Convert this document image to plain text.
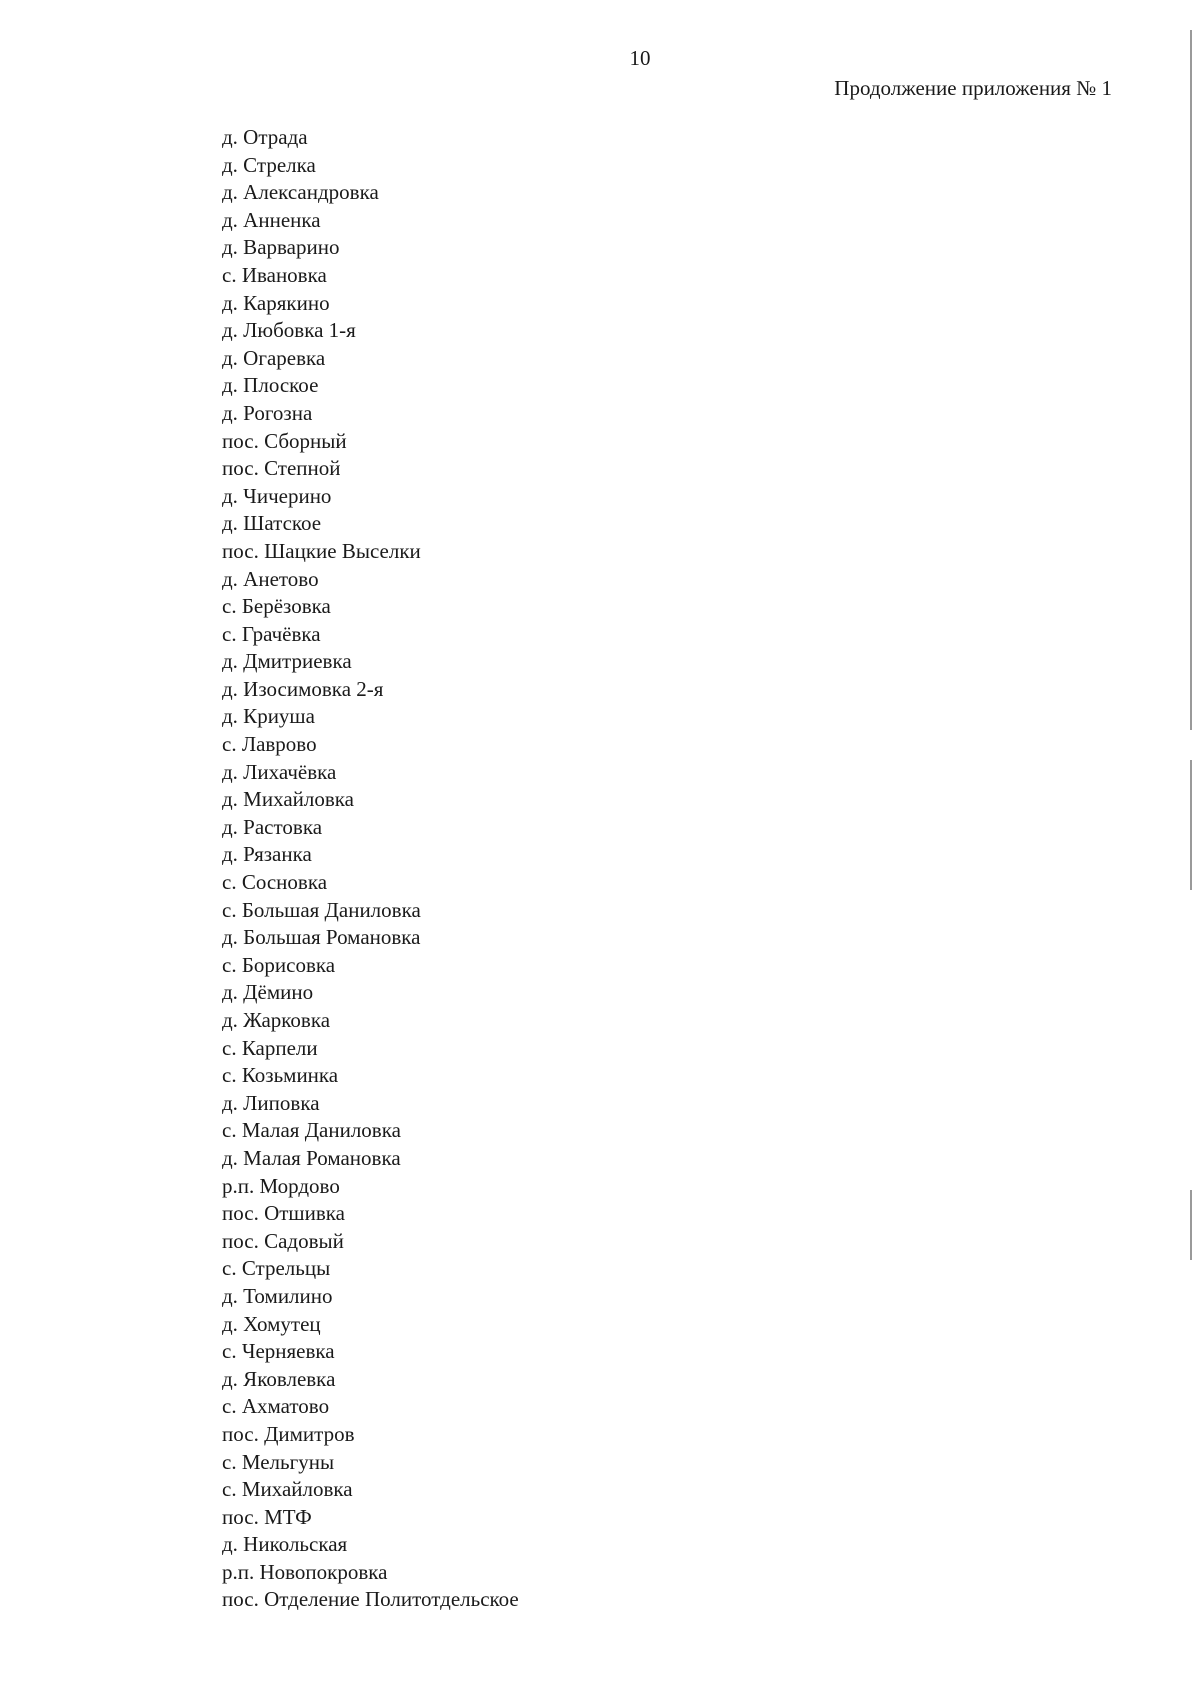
10
Продолжение приложения № 1
д. Отрада
д. Стрелка
д. Александровка
д. Анненка
д. Варварино
с. Ивановка
д. Карякино
д. Любовка 1-я
д. Огаревка
д. Плоское
д. Рогозна
пос. Сборный
пос. Степной
д. Чичерино
д. Шатское
пос. Шацкие Выселки
д. Анетово
с. Берёзовка
с. Грачёвка
д. Дмитриевка
д. Изосимовка 2-я
д. Криуша
с. Лаврово
д. Лихачёвка
д. Михайловка
д. Растовка
д. Рязанка
с. Сосновка
с. Большая Даниловка
д. Большая Романовка
с. Борисовка
д. Дёмино
д. Жарковка
с. Карпели
с. Козьминка
д. Липовка
с. Малая Даниловка
д. Малая Романовка
р.п. Мордово
пос. Отшивка
пос. Садовый
с. Стрельцы
д. Томилино
д. Хомутец
с. Черняевка
д. Яковлевка
с. Ахматово
пос. Димитров
с. Мельгуны
с. Михайловка
пос. МТФ
д. Никольская
р.п. Новопокровка
пос. Отделение Политотдельское
